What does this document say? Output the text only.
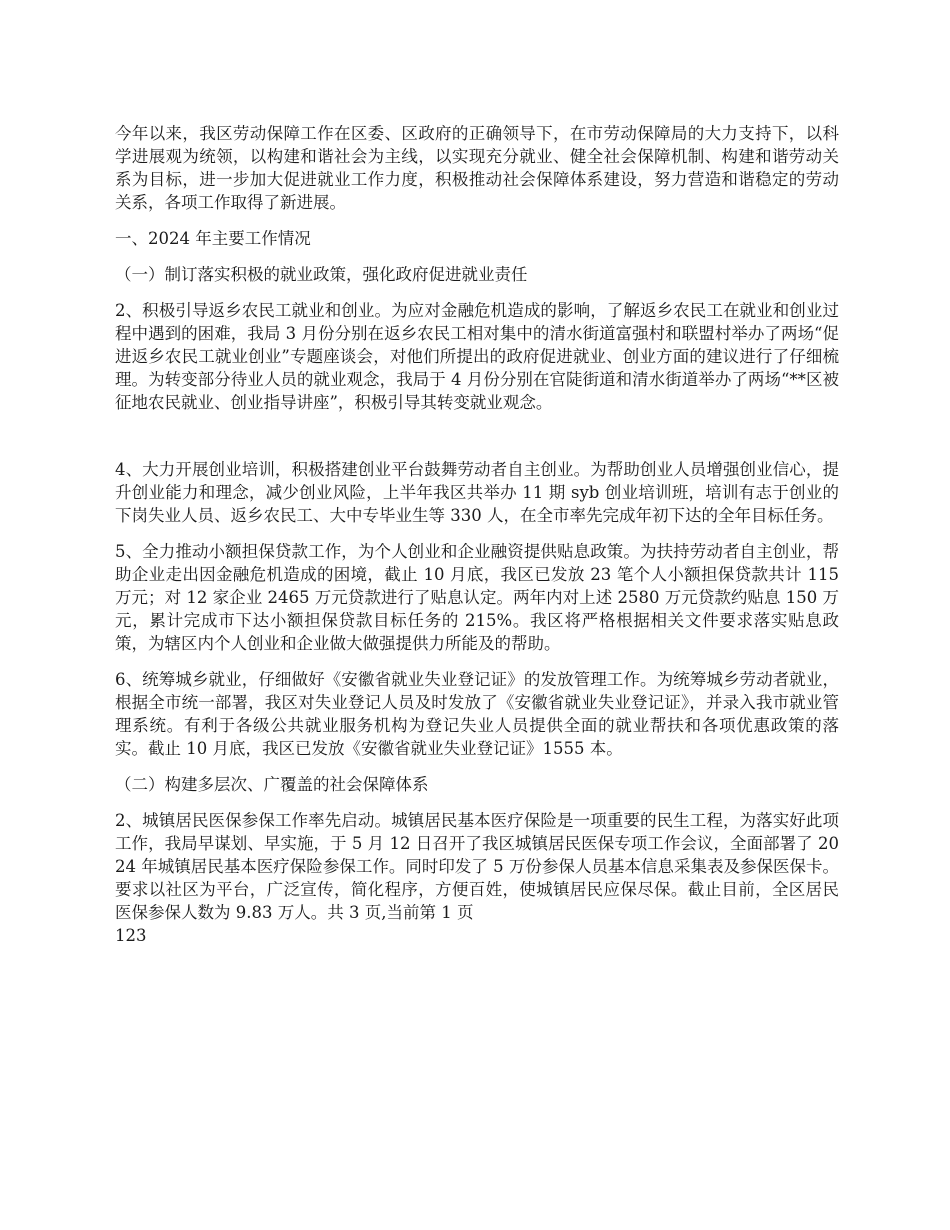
今年以来，我区劳动保障工作在区委、区政府的正确领导下，在市劳动保障局的大力支持下，以科学进展观为统领，以构建和谐社会为主线，以实现充分就业、健全社会保障机制、构建和谐劳动关系为目标，进一步加大促进就业工作力度，积极推动社会保障体系建设，努力营造和谐稳定的劳动关系，各项工作取得了新进展。

一、2024 年主要工作情况

（一）制订落实积极的就业政策，强化政府促进就业责任

2、积极引导返乡农民工就业和创业。为应对金融危机造成的影响，了解返乡农民工在就业和创业过程中遇到的困难，我局 3 月份分别在返乡农民工相对集中的清水街道富强村和联盟村举办了两场“促进返乡农民工就业创业”专题座谈会，对他们所提出的政府促进就业、创业方面的建议进行了仔细梳理。为转变部分待业人员的就业观念，我局于 4 月份分别在官陡街道和清水街道举办了两场“**区被征地农民就业、创业指导讲座”，积极引导其转变就业观念。

4、大力开展创业培训，积极搭建创业平台鼓舞劳动者自主创业。为帮助创业人员增强创业信心，提升创业能力和理念，减少创业风险，上半年我区共举办 11 期 syb 创业培训班，培训有志于创业的下岗失业人员、返乡农民工、大中专毕业生等 330 人，在全市率先完成年初下达的全年目标任务。

5、全力推动小额担保贷款工作，为个人创业和企业融资提供贴息政策。为扶持劳动者自主创业，帮助企业走出因金融危机造成的困境，截止 10 月底，我区已发放 23 笔个人小额担保贷款共计 115 万元；对 12 家企业 2465 万元贷款进行了贴息认定。两年内对上述 2580 万元贷款约贴息 150 万元，累计完成市下达小额担保贷款目标任务的 215%。我区将严格根据相关文件要求落实贴息政策，为辖区内个人创业和企业做大做强提供力所能及的帮助。

6、统筹城乡就业，仔细做好《安徽省就业失业登记证》的发放管理工作。为统筹城乡劳动者就业，根据全市统一部署，我区对失业登记人员及时发放了《安徽省就业失业登记证》，并录入我市就业管理系统。有利于各级公共就业服务机构为登记失业人员提供全面的就业帮扶和各项优惠政策的落实。截止 10 月底，我区已发放《安徽省就业失业登记证》1555 本。

（二）构建多层次、广覆盖的社会保障体系

2、城镇居民医保参保工作率先启动。城镇居民基本医疗保险是一项重要的民生工程，为落实好此项工作，我局早谋划、早实施，于 5 月 12 日召开了我区城镇居民医保专项工作会议，全面部署了 2024 年城镇居民基本医疗保险参保工作。同时印发了 5 万份参保人员基本信息采集表及参保医保卡。要求以社区为平台，广泛宣传，简化程序，方便百姓，使城镇居民应保尽保。截止目前，全区居民医保参保人数为 9.83 万人。共 3 页,当前第 1 页

123
